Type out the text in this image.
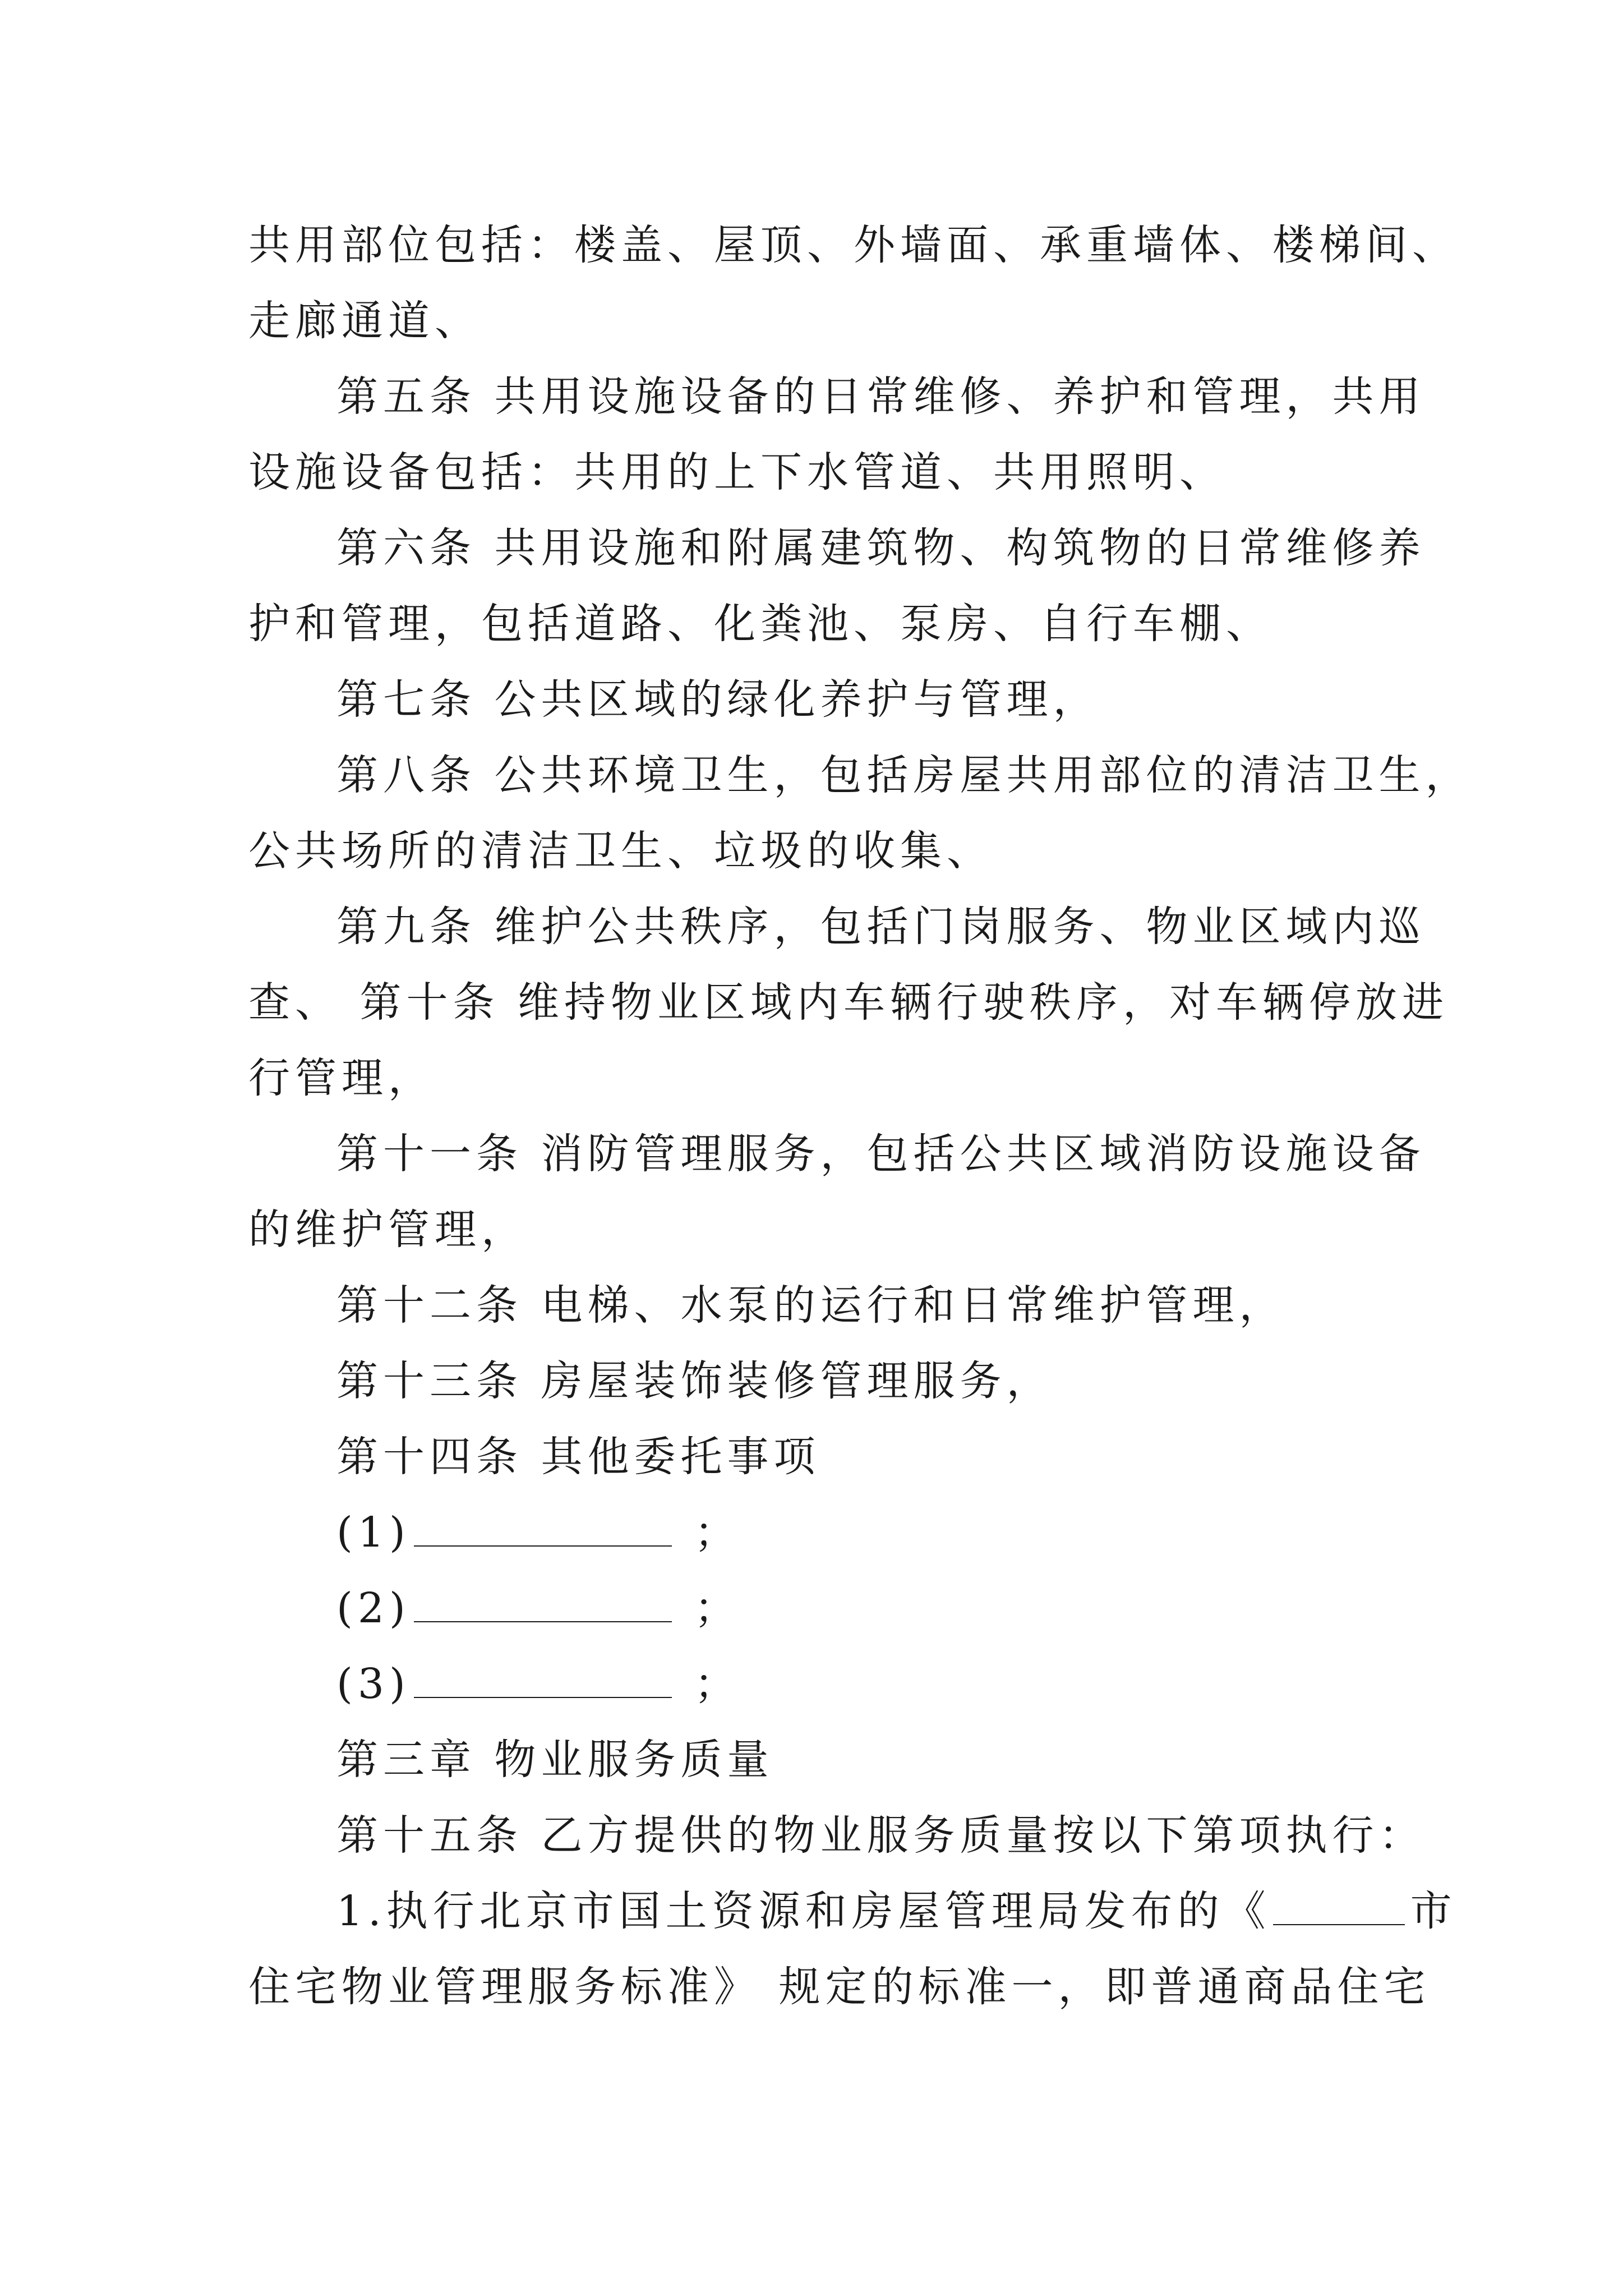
共用部位包括：楼盖、屋顶、外墙面、承重墙体、楼梯间、
走廊通道、
第五条 共用设施设备的日常维修、养护和管理，共用
设施设备包括：共用的上下水管道、共用照明、
第六条 共用设施和附属建筑物、构筑物的日常维修养
护和管理，包括道路、化粪池、泵房、自行车棚、
第七条 公共区域的绿化养护与管理，
第八条 公共环境卫生，包括房屋共用部位的清洁卫生，
公共场所的清洁卫生、垃圾的收集、
第九条 维护公共秩序，包括门岗服务、物业区域内巡
查、 第十条 维持物业区域内车辆行驶秩序，对车辆停放进
行管理，
第十一条 消防管理服务，包括公共区域消防设施设备
的维护管理，
第十二条 电梯、水泵的运行和日常维护管理，
第十三条 房屋装饰装修管理服务，
第十四条 其他委托事项
(1)	；
(2)	；
(3)	；
第三章 物业服务质量
第十五条 乙方提供的物业服务质量按以下第项执行：
1.执行北京市国土资源和房屋管理局发布的《	市
住宅物业管理服务标准》 规定的标准一，即普通商品住宅
